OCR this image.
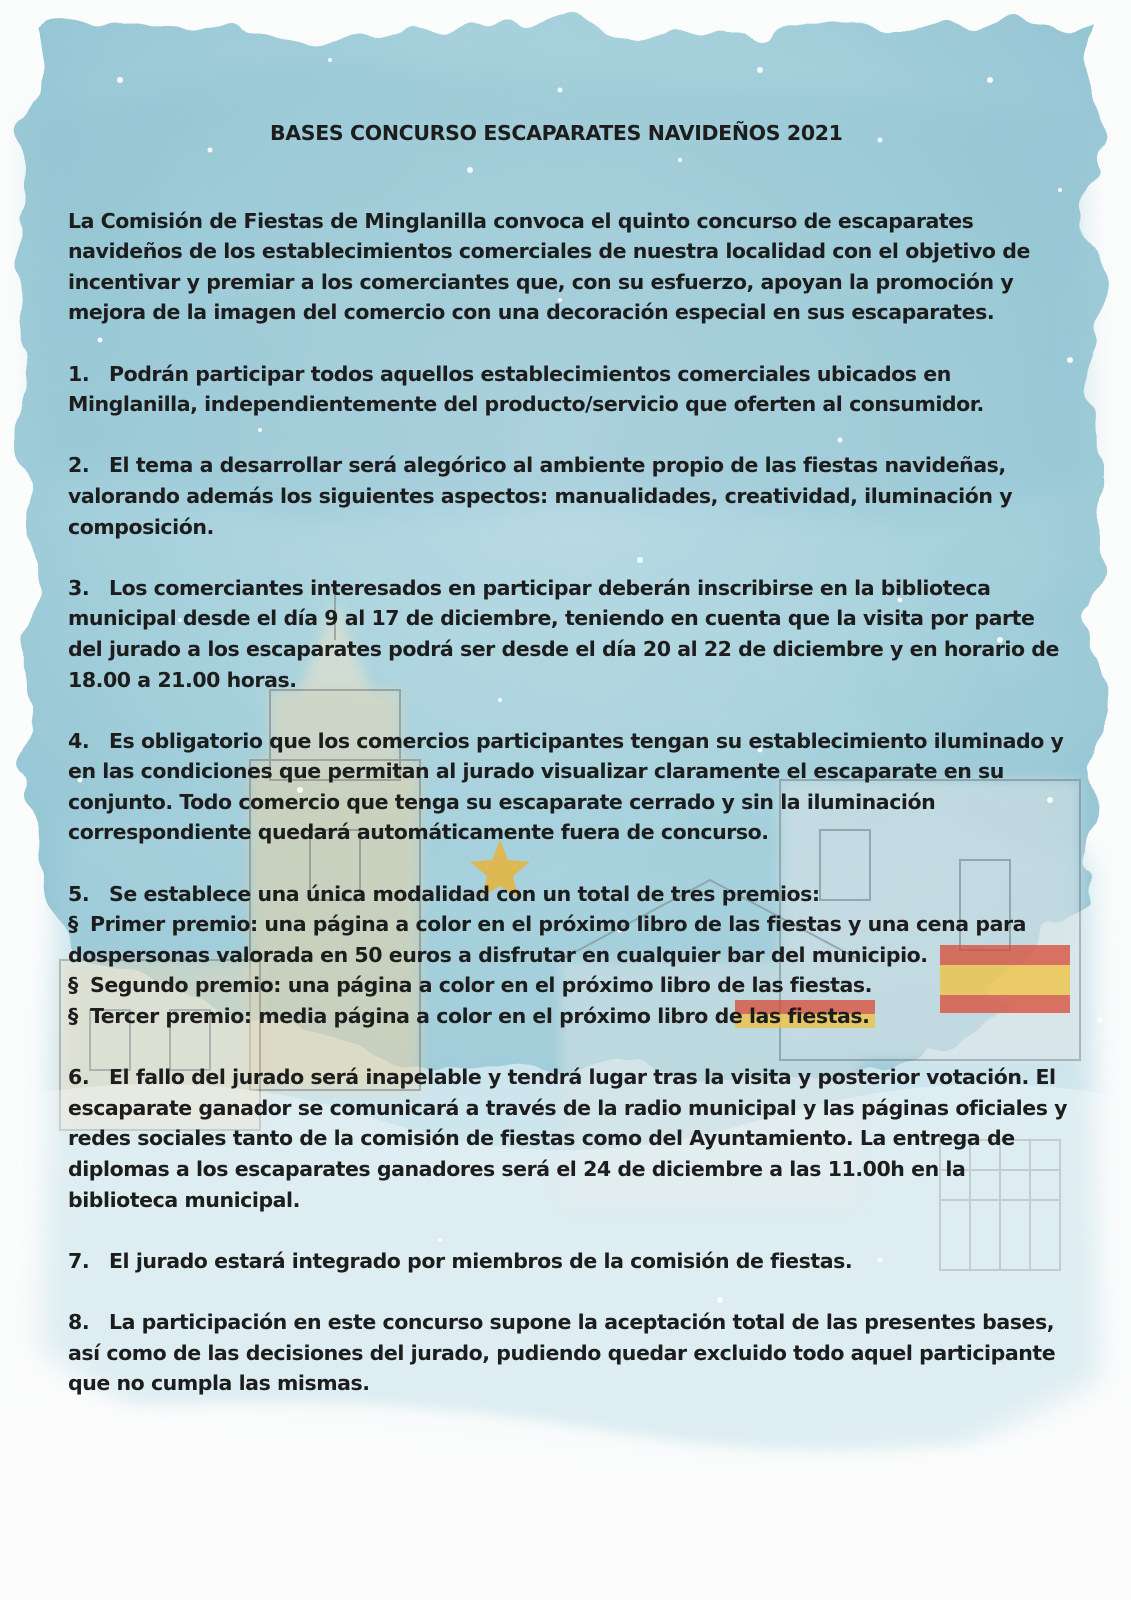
BASES CONCURSO ESCAPARATES NAVIDEÑOS 2021
La Comisión de Fiestas de Minglanilla convoca el quinto concurso de escaparates navideños de los establecimientos comerciales de nuestra localidad con el objetivo de incentivar y premiar a los comerciantes que, con su esfuerzo, apoyan la promoción y mejora de la imagen del comercio con una decoración especial en sus escaparates.
1. Podrán participar todos aquellos establecimientos comerciales ubicados en Minglanilla, independientemente del producto/servicio que oferten al consumidor.
2. El tema a desarrollar será alegórico al ambiente propio de las fiestas navideñas, valorando además los siguientes aspectos: manualidades, creatividad, iluminación y composición.
3. Los comerciantes interesados en participar deberán inscribirse en la biblioteca municipal desde el día 9 al 17 de diciembre, teniendo en cuenta que la visita por parte del jurado a los escaparates podrá ser desde el día 20 al 22 de diciembre y en horario de 18.00 a 21.00 horas.
4. Es obligatorio que los comercios participantes tengan su establecimiento iluminado y en las condiciones que permitan al jurado visualizar claramente el escaparate en su conjunto. Todo comercio que tenga su escaparate cerrado y sin la iluminación correspondiente quedará automáticamente fuera de concurso.
5. Se establece una única modalidad con un total de tres premios:
§ Primer premio: una página a color en el próximo libro de las fiestas y una cena para dospersonas valorada en 50 euros a disfrutar en cualquier bar del municipio.
§ Segundo premio: una página a color en el próximo libro de las fiestas.
§ Tercer premio: media página a color en el próximo libro de las fiestas.
6. El fallo del jurado será inapelable y tendrá lugar tras la visita y posterior votación. El escaparate ganador se comunicará a través de la radio municipal y las páginas oficiales y redes sociales tanto de la comisión de fiestas como del Ayuntamiento. La entrega de diplomas a los escaparates ganadores será el 24 de diciembre a las 11.00h en la biblioteca municipal.
7. El jurado estará integrado por miembros de la comisión de fiestas.
8. La participación en este concurso supone la aceptación total de las presentes bases, así como de las decisiones del jurado, pudiendo quedar excluido todo aquel participante que no cumpla las mismas.
